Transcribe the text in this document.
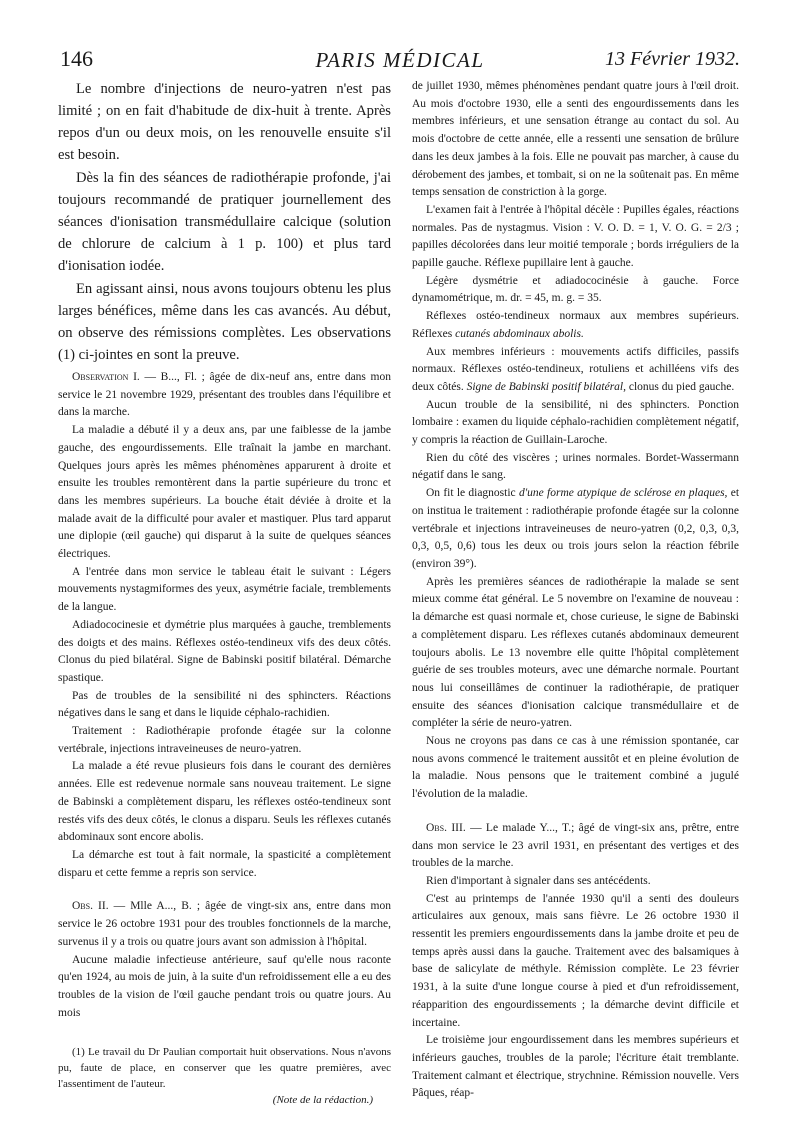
146	PARIS MÉDICAL	13 Février 1932.

Le nombre d'injections de neuro-yatren n'est pas limité ; on en fait d'habitude de dix-huit à trente. Après repos d'un ou deux mois, on les renouvelle ensuite s'il est besoin.

Dès la fin des séances de radiothérapie profonde, j'ai toujours recommandé de pratiquer journellement des séances d'ionisation transmédullaire calcique (solution de chlorure de calcium à 1 p. 100) et plus tard d'ionisation iodée.

En agissant ainsi, nous avons toujours obtenu les plus larges bénéfices, même dans les cas avancés. Au début, on observe des rémissions complètes. Les observations (1) ci-jointes en sont la preuve.

Observation I. — B..., Fl. ; âgée de dix-neuf ans, entre dans mon service le 21 novembre 1929, présentant des troubles dans l'équilibre et dans la marche.

La maladie a débuté il y a deux ans, par une faiblesse de la jambe gauche, des engourdissements. Elle traînait la jambe en marchant. Quelques jours après les mêmes phénomènes apparurent à droite et ensuite les troubles remontèrent dans la partie supérieure du tronc et dans les membres supérieurs. La bouche était déviée à droite et la malade avait de la difficulté pour avaler et mastiquer. Plus tard apparut une diplopie (œil gauche) qui disparut à la suite de quelques séances électriques.

A l'entrée dans mon service le tableau était le suivant : Légers mouvements nystagmiformes des yeux, asymétrie faciale, tremblements de la langue.

Adiadococinesie et dymétrie plus marquées à gauche, tremblements des doigts et des mains. Réflexes ostéo-tendineux vifs des deux côtés. Clonus du pied bilatéral. Signe de Babinski positif bilatéral. Démarche spastique.

Pas de troubles de la sensibilité ni des sphincters. Réactions négatives dans le sang et dans le liquide céphalo-rachidien.

Traitement : Radiothérapie profonde étagée sur la colonne vertébrale, injections intraveineuses de neuro-yatren.

La malade a été revue plusieurs fois dans le courant des dernières années. Elle est redevenue normale sans nouveau traitement. Le signe de Babinski a complètement disparu, les réflexes ostéo-tendineux sont restés vifs des deux côtés, le clonus a disparu. Seuls les réflexes cutanés abdominaux sont encore abolis.

La démarche est tout à fait normale, la spasticité a complètement disparu et cette femme a repris son service.

Obs. II. — Mlle A..., B. ; âgée de vingt-six ans, entre dans mon service le 26 octobre 1931 pour des troubles fonctionnels de la marche, survenus il y a trois ou quatre jours avant son admission à l'hôpital.

Aucune maladie infectieuse antérieure, sauf qu'elle nous raconte qu'en 1924, au mois de juin, à la suite d'un refroidissement elle a eu des troubles de la vision de l'œil gauche pendant trois ou quatre jours. Au mois

(1) Le travail du Dr Paulian comportait huit observations. Nous n'avons pu, faute de place, en conserver que les quatre premières, avec l'assentiment de l'auteur.

(Note de la rédaction.)

de juillet 1930, mêmes phénomènes pendant quatre jours à l'œil droit. Au mois d'octobre 1930, elle a senti des engourdissements dans les membres inférieurs, et une sensation étrange au contact du sol. Au mois d'octobre de cette année, elle a ressenti une sensation de brûlure dans les deux jambes à la fois. Elle ne pouvait pas marcher, à cause du dérobement des jambes, et tombait, si on ne la soûtenait pas. En même temps sensation de constriction à la gorge.

L'examen fait à l'entrée à l'hôpital décèle : Pupilles égales, réactions normales. Pas de nystagmus. Vision : V. O. D. = 1, V. O. G. = 2/3 ; papilles décolorées dans leur moitié temporale ; bords irréguliers de la papille gauche. Réflexe pupillaire lent à gauche.

Légère dysmétrie et adiadococinésie à gauche. Force dynamométrique, m. dr. = 45, m. g. = 35.

Réflexes ostéo-tendineux normaux aux membres supérieurs. Réflexes cutanés abdominaux abolis.

Aux membres inférieurs : mouvements actifs difficiles, passifs normaux. Réflexes ostéo-tendineux, rotuliens et achilléens vifs des deux côtés. Signe de Babinski positif bilatéral, clonus du pied gauche.

Aucun trouble de la sensibilité, ni des sphincters. Ponction lombaire : examen du liquide céphalo-rachidien complètement négatif, y compris la réaction de Guillain-Laroche.

Rien du côté des viscères ; urines normales. Bordet-Wassermann négatif dans le sang.

On fit le diagnostic d'une forme atypique de sclérose en plaques, et on institua le traitement : radiothérapie profonde étagée sur la colonne vertébrale et injections intraveineuses de neuro-yatren (0,2, 0,3, 0,3, 0,3, 0,5, 0,6) tous les deux ou trois jours selon la réaction fébrile (environ 39°).

Après les premières séances de radiothérapie la malade se sent mieux comme état général. Le 5 novembre on l'examine de nouveau : la démarche est quasi normale et, chose curieuse, le signe de Babinski a complètement disparu. Les réflexes cutanés abdominaux demeurent toujours abolis. Le 13 novembre elle quitte l'hôpital complètement guérie de ses troubles moteurs, avec une démarche normale. Pourtant nous lui conseillâmes de continuer la radiothérapie, de pratiquer ensuite des séances d'ionisation calcique transmédullaire et de compléter la série de neuro-yatren.

Nous ne croyons pas dans ce cas à une rémission spontanée, car nous avons commencé le traitement aussitôt et en pleine évolution de la maladie. Nous pensons que le traitement combiné a jugulé l'évolution de la maladie.

Obs. III. — Le malade Y..., T.; âgé de vingt-six ans, prêtre, entre dans mon service le 23 avril 1931, en présentant des vertiges et des troubles de la marche.

Rien d'important à signaler dans ses antécédents.

C'est au printemps de l'année 1930 qu'il a senti des douleurs articulaires aux genoux, mais sans fièvre. Le 26 octobre 1930 il ressentit les premiers engourdissements dans la jambe droite et peu de temps après aussi dans la gauche. Traitement avec des balsamiques à base de salicylate de méthyle. Rémission complète. Le 23 février 1931, à la suite d'une longue course à pied et d'un refroidissement, réapparition des engourdissements ; la démarche devint difficile et incertaine.

Le troisième jour engourdissement dans les membres supérieurs et inférieurs gauches, troubles de la parole; l'écriture était tremblante. Traitement calmant et électrique, strychnine. Rémission nouvelle. Vers Pâques, réap-
